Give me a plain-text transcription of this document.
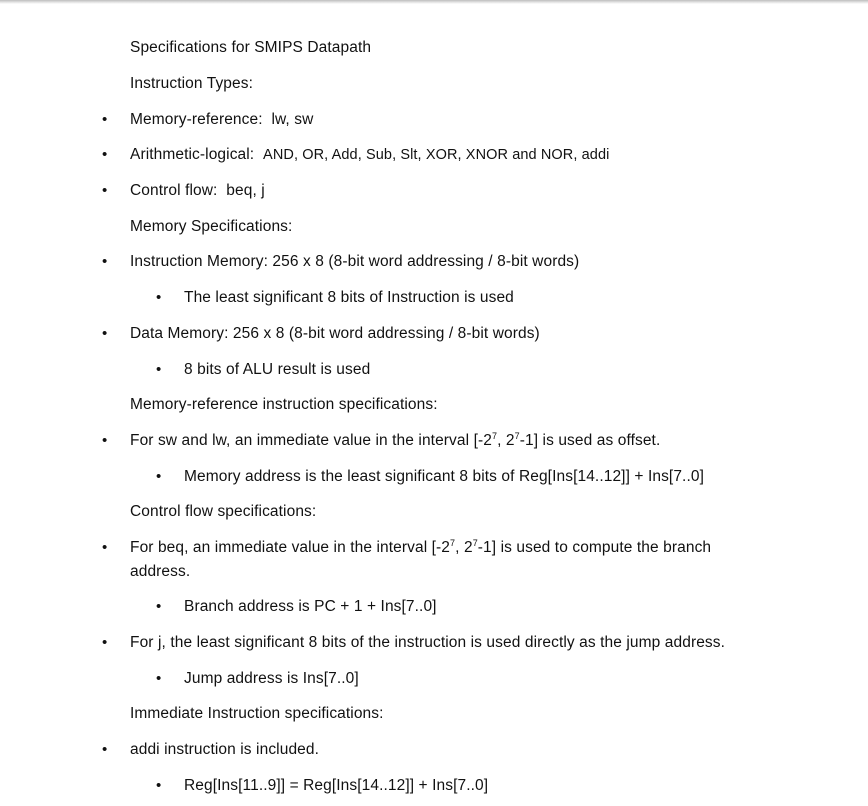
Specifications for SMIPS Datapath
Instruction Types:
• Memory-reference: lw, sw
• Arithmetic-logical: AND, OR, Add, Sub, Slt, XOR, XNOR and NOR, addi
• Control flow: beq, j
Memory Specifications:
• Instruction Memory: 256 x 8 (8-bit word addressing / 8-bit words)
• The least significant 8 bits of Instruction is used
• Data Memory: 256 x 8 (8-bit word addressing / 8-bit words)
• 8 bits of ALU result is used
Memory-reference instruction specifications:
• For sw and lw, an immediate value in the interval [$-2^7$, $2^7-1$] is used as offset.
• Memory address is the least significant 8 bits of Reg[Ins[14..12]] + Ins[7..0]
Control flow specifications:
• For beq, an immediate value in the interval [$-2^7$, $2^7-1$] is used to compute the branch
address.
• Branch address is PC + 1 + Ins[7..0]
• For j, the least significant 8 bits of the instruction is used directly as the jump address.
• Jump address is Ins[7..0]
Immediate Instruction specifications:
• addi instruction is included.
• Reg[Ins[11..9]] = Reg[Ins[14..12]] + Ins[7..0]
